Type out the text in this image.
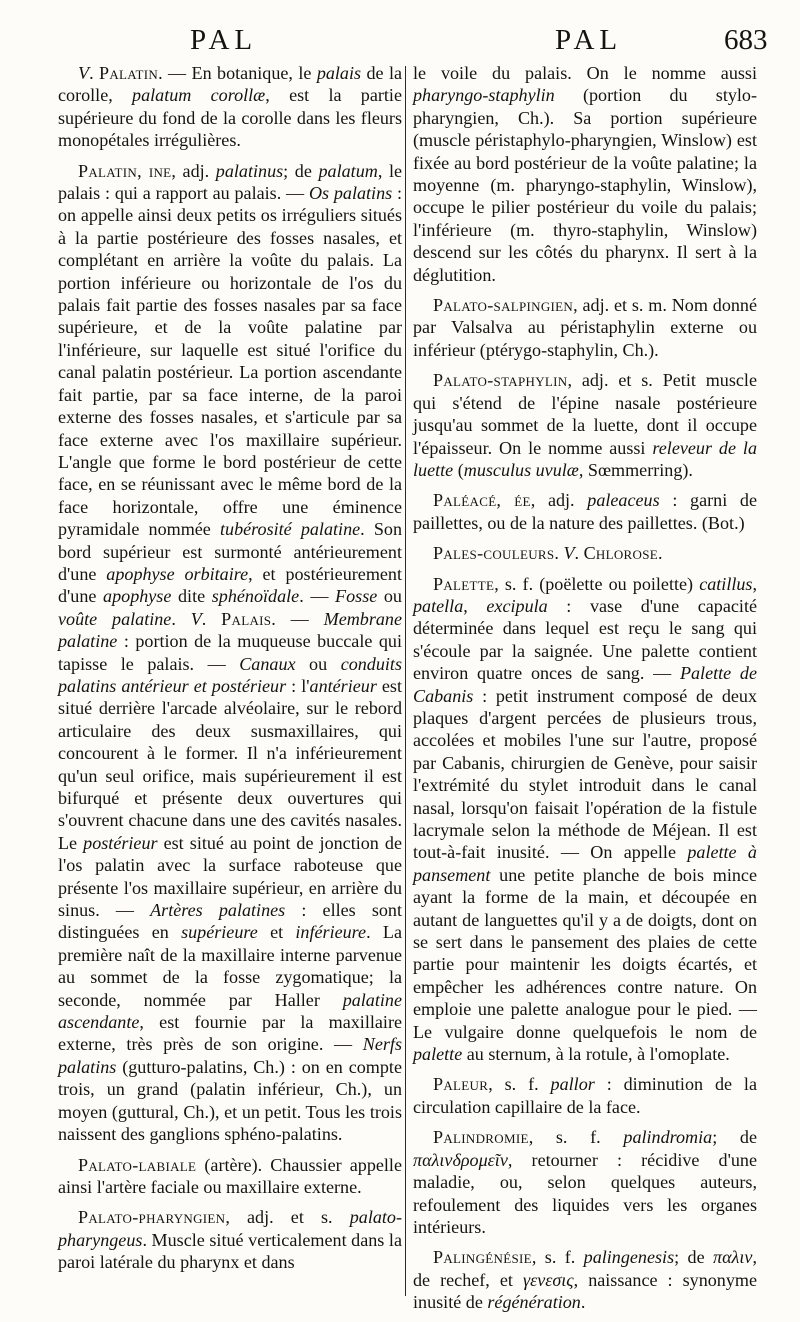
PAL	PAL	683

V. Palatin. — En botanique, le palais de la corolle, palatum corollæ, est la partie supérieure du fond de la corolle dans les fleurs monopétales irrégulières.

Palatin, ine, adj. palatinus; de palatum, le palais : qui a rapport au palais. — Os palatins : on appelle ainsi deux petits os irréguliers situés à la partie postérieure des fosses nasales, et complétant en arrière la voûte du palais. La portion inférieure ou horizontale de l'os du palais fait partie des fosses nasales par sa face supérieure, et de la voûte palatine par l'inférieure, sur laquelle est situé l'orifice du canal palatin postérieur. La portion ascendante fait partie, par sa face interne, de la paroi externe des fosses nasales, et s'articule par sa face externe avec l'os maxillaire supérieur. L'angle que forme le bord postérieur de cette face, en se réunissant avec le même bord de la face horizontale, offre une éminence pyramidale nommée tubérosité palatine. Son bord supérieur est surmonté antérieurement d'une apophyse orbitaire, et postérieurement d'une apophyse dite sphénoïdale. — Fosse ou voûte palatine. V. Palais. — Membrane palatine : portion de la muqueuse buccale qui tapisse le palais. — Canaux ou conduits palatins antérieur et postérieur : l'antérieur est situé derrière l'arcade alvéolaire, sur le rebord articulaire des deux susmaxillaires, qui concourent à le former. Il n'a inférieurement qu'un seul orifice, mais supérieurement il est bifurqué et présente deux ouvertures qui s'ouvrent chacune dans une des cavités nasales. Le postérieur est situé au point de jonction de l'os palatin avec la surface raboteuse que présente l'os maxillaire supérieur, en arrière du sinus. — Artères palatines : elles sont distinguées en supérieure et inférieure. La première naît de la maxillaire interne parvenue au sommet de la fosse zygomatique; la seconde, nommée par Haller palatine ascendante, est fournie par la maxillaire externe, très près de son origine. — Nerfs palatins (gutturo-palatins, Ch.) : on en compte trois, un grand (palatin inférieur, Ch.), un moyen (guttural, Ch.), et un petit. Tous les trois naissent des ganglions sphéno-palatins.

Palato-labiale (artère). Chaussier appelle ainsi l'artère faciale ou maxillaire externe.

Palato-pharyngien, adj. et s. palato-pharyngeus. Muscle situé verticalement dans la paroi latérale du pharynx et dans

le voile du palais. On le nomme aussi pharyngo-staphylin (portion du stylo-pharyngien, Ch.). Sa portion supérieure (muscle péristaphylo-pharyngien, Winslow) est fixée au bord postérieur de la voûte palatine; la moyenne (m. pharyngo-staphylin, Winslow), occupe le pilier postérieur du voile du palais; l'inférieure (m. thyro-staphylin, Winslow) descend sur les côtés du pharynx. Il sert à la déglutition.

Palato-salpingien, adj. et s. m. Nom donné par Valsalva au péristaphylin externe ou inférieur (ptérygo-staphylin, Ch.).

Palato-staphylin, adj. et s. Petit muscle qui s'étend de l'épine nasale postérieure jusqu'au sommet de la luette, dont il occupe l'épaisseur. On le nomme aussi releveur de la luette (musculus uvulæ, Sœmmerring).

Paléacé, ée, adj. paleaceus : garni de paillettes, ou de la nature des paillettes. (Bot.)

Pales-couleurs. V. Chlorose.

Palette, s. f. (poëlette ou poilette) catillus, patella, excipula : vase d'une capacité déterminée dans lequel est reçu le sang qui s'écoule par la saignée. Une palette contient environ quatre onces de sang. — Palette de Cabanis : petit instrument composé de deux plaques d'argent percées de plusieurs trous, accolées et mobiles l'une sur l'autre, proposé par Cabanis, chirurgien de Genève, pour saisir l'extrémité du stylet introduit dans le canal nasal, lorsqu'on faisait l'opération de la fistule lacrymale selon la méthode de Méjean. Il est tout-à-fait inusité. — On appelle palette à pansement une petite planche de bois mince ayant la forme de la main, et découpée en autant de languettes qu'il y a de doigts, dont on se sert dans le pansement des plaies de cette partie pour maintenir les doigts écartés, et empêcher les adhérences contre nature. On emploie une palette analogue pour le pied. — Le vulgaire donne quelquefois le nom de palette au sternum, à la rotule, à l'omoplate.

Paleur, s. f. pallor : diminution de la circulation capillaire de la face.

Palindromie, s. f. palindromia; de παλινδρομεῖν, retourner : récidive d'une maladie, ou, selon quelques auteurs, refoulement des liquides vers les organes intérieurs.

Palingénésie, s. f. palingenesis; de παλιν, de rechef, et γενεσις, naissance : synonyme inusité de régénération.
